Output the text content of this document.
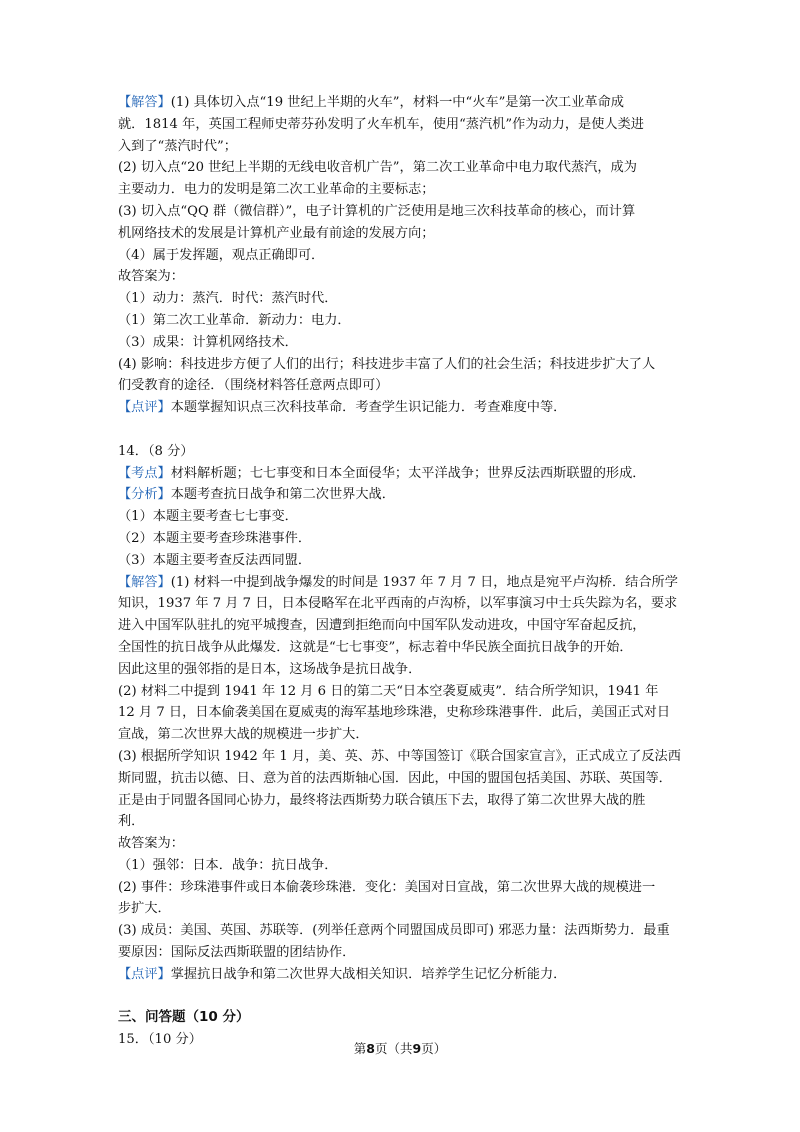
【解答】(1) 具体切入点“19 世纪上半期的火车”，材料一中“火车”是第一次工业革命成
就．1814 年，英国工程师史蒂芬孙发明了火车机车，使用“蒸汽机”作为动力，是使人类进
入到了“蒸汽时代”；
(2) 切入点“20 世纪上半期的无线电收音机广告”，第二次工业革命中电力取代蒸汽，成为
主要动力．电力的发明是第二次工业革命的主要标志；
(3) 切入点“QQ 群（微信群）”，电子计算机的广泛使用是地三次科技革命的核心，而计算
机网络技术的发展是计算机产业最有前途的发展方向；
（4）属于发挥题，观点正确即可．
故答案为：
（1）动力：蒸汽．时代：蒸汽时代．
（1）第二次工业革命．新动力：电力．
（3）成果：计算机网络技术．
(4) 影响：科技进步方便了人们的出行；科技进步丰富了人们的社会生活；科技进步扩大了人
们受教育的途径．（围绕材料答任意两点即可）
【点评】本题掌握知识点三次科技革命．考查学生识记能力．考查难度中等．
14．（8 分）
【考点】材料解析题；七七事变和日本全面侵华；太平洋战争；世界反法西斯联盟的形成．
【分析】本题考查抗日战争和第二次世界大战．
（1）本题主要考查七七事变．
（2）本题主要考查珍珠港事件．
（3）本题主要考查反法西同盟．
【解答】(1) 材料一中提到战争爆发的时间是 1937 年 7 月 7 日，地点是宛平卢沟桥．结合所学
知识，1937 年 7 月 7 日，日本侵略军在北平西南的卢沟桥，以军事演习中士兵失踪为名，要求
进入中国军队驻扎的宛平城搜查，因遭到拒绝而向中国军队发动进攻，中国守军奋起反抗，
全国性的抗日战争从此爆发．这就是“七七事变”，标志着中华民族全面抗日战争的开始．
因此这里的强邻指的是日本，这场战争是抗日战争．
(2) 材料二中提到 1941 年 12 月 6 日的第二天“日本空袭夏威夷”．结合所学知识，1941 年
12 月 7 日，日本偷袭美国在夏威夷的海军基地珍珠港，史称珍珠港事件．此后，美国正式对日
宣战，第二次世界大战的规模进一步扩大．
(3) 根据所学知识 1942 年 1 月，美、英、苏、中等国签订《联合国家宣言》，正式成立了反法西
斯同盟，抗击以德、日、意为首的法西斯轴心国．因此，中国的盟国包括美国、苏联、英国等．
正是由于同盟各国同心协力，最终将法西斯势力联合镇压下去，取得了第二次世界大战的胜
利．
故答案为：
（1）强邻：日本．战争：抗日战争．
(2) 事件：珍珠港事件或日本偷袭珍珠港．变化：美国对日宣战，第二次世界大战的规模进一
步扩大．
(3) 成员：美国、英国、苏联等．(列举任意两个同盟国成员即可) 邪恶力量：法西斯势力．最重
要原因：国际反法西斯联盟的团结协作．
【点评】掌握抗日战争和第二次世界大战相关知识．培养学生记忆分析能力．
三、问答题（10 分）
15．（10 分）
第8页（共9页）
